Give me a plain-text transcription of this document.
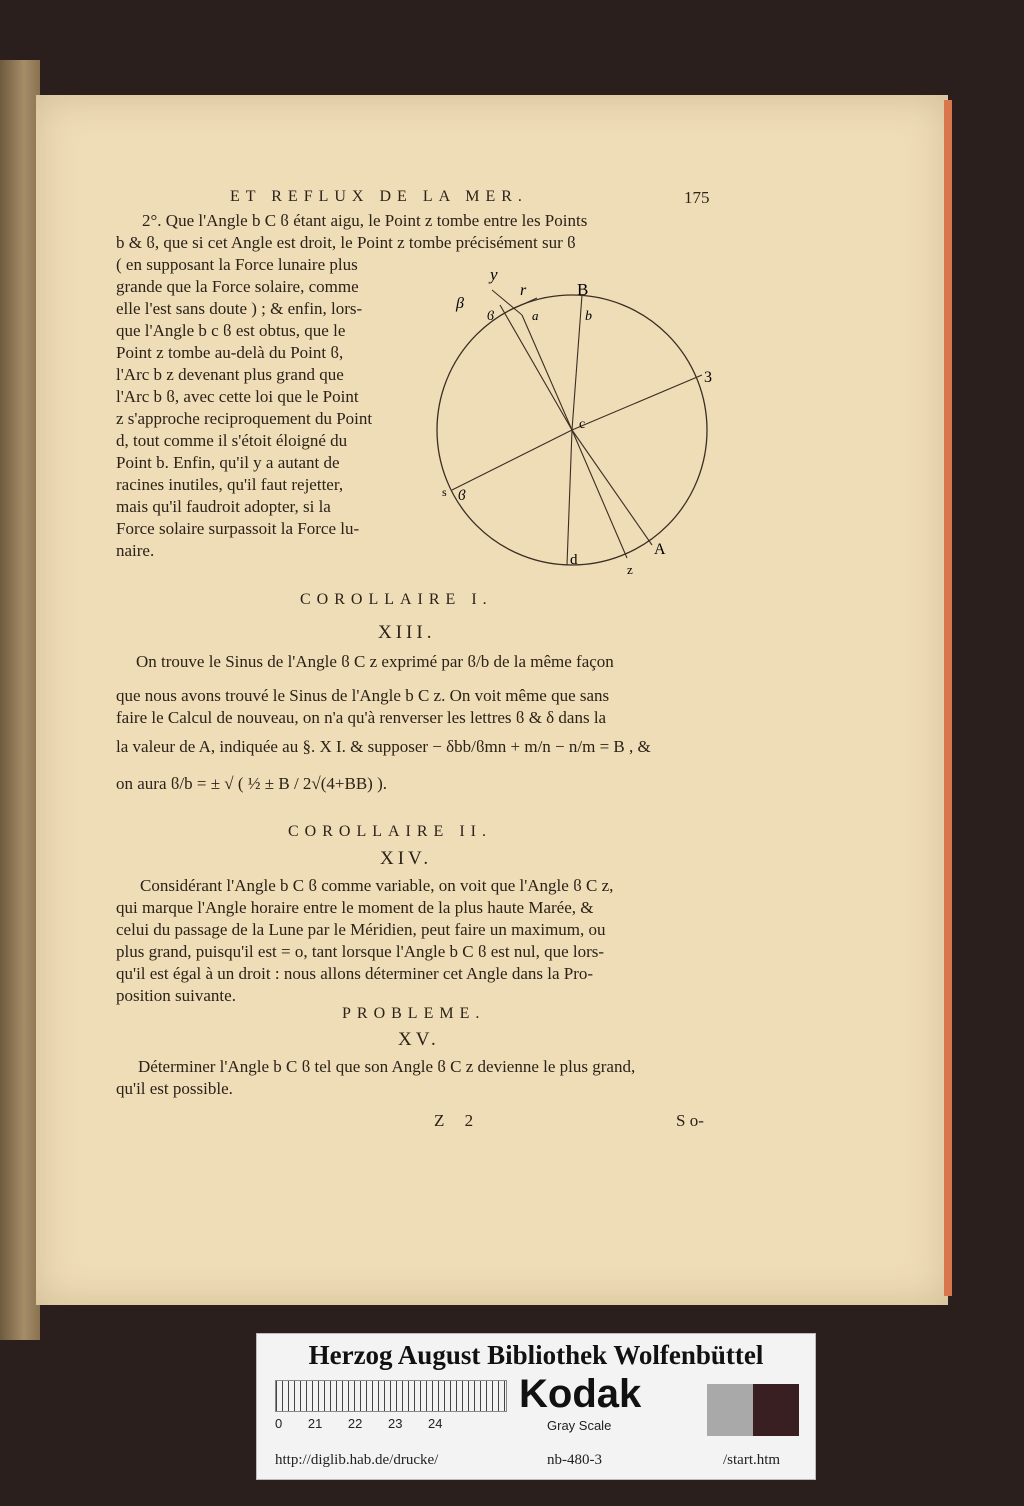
ET REFLUX DE LA MER.	175
2°. Que l'Angle b C ϐ étant aigu, le Point z tombe entre les Points
b & ϐ, que si cet Angle est droit, le Point z tombe précisément sur ϐ
( en supposant la Force lunaire plus
grande que la Force solaire, comme
elle l'est sans doute ) ; & enfin, lors-
que l'Angle b c ϐ est obtus, que le
Point z tombe au-delà du Point ϐ,
l'Arc b z devenant plus grand que
l'Arc b ϐ, avec cette loi que le Point
z s'approche reciproquement du Point
d, tout comme il s'étoit éloigné du
Point b. Enfin, qu'il y a autant de
racines inutiles, qu'il faut rejetter,
mais qu'il faudroit adopter, si la
Force solaire surpassoit la Force lu-
naire.
y
r	B
β
ϐ	a	b
3
c
s ϐ
d
A
z
COROLLAIRE I.
XIII.
On trouve le Sinus de l'Angle ϐ C z exprimé par ϐ/b de la même façon
que nous avons trouvé le Sinus de l'Angle b C z. On voit même que sans
faire le Calcul de nouveau, on n'a qu'à renverser les lettres ϐ & δ dans la
la valeur de A, indiquée au §. X I. & supposer − δbb/ϐmn + m/n − n/m = B , &
on aura ϐ/b = ± √ ( ½ ± B / 2√(4+BB) ).
COROLLAIRE II.
XIV.
Considérant l'Angle b C ϐ comme variable, on voit que l'Angle ϐ C z,
qui marque l'Angle horaire entre le moment de la plus haute Marée, &
celui du passage de la Lune par le Méridien, peut faire un maximum, ou
plus grand, puisqu'il est = o, tant lorsque l'Angle b C ϐ est nul, que lors-
qu'il est égal à un droit : nous allons déterminer cet Angle dans la Pro-
position suivante.
PROBLEME.
XV.
Déterminer l'Angle b C ϐ tel que son Angle ϐ C z devienne le plus grand,
qu'il est possible.
Z 2	S o-
Herzog August Bibliothek Wolfenbüttel
0 21 22 23 24
Kodak
Gray Scale
http://diglib.hab.de/drucke/	nb-480-3	/start.htm
